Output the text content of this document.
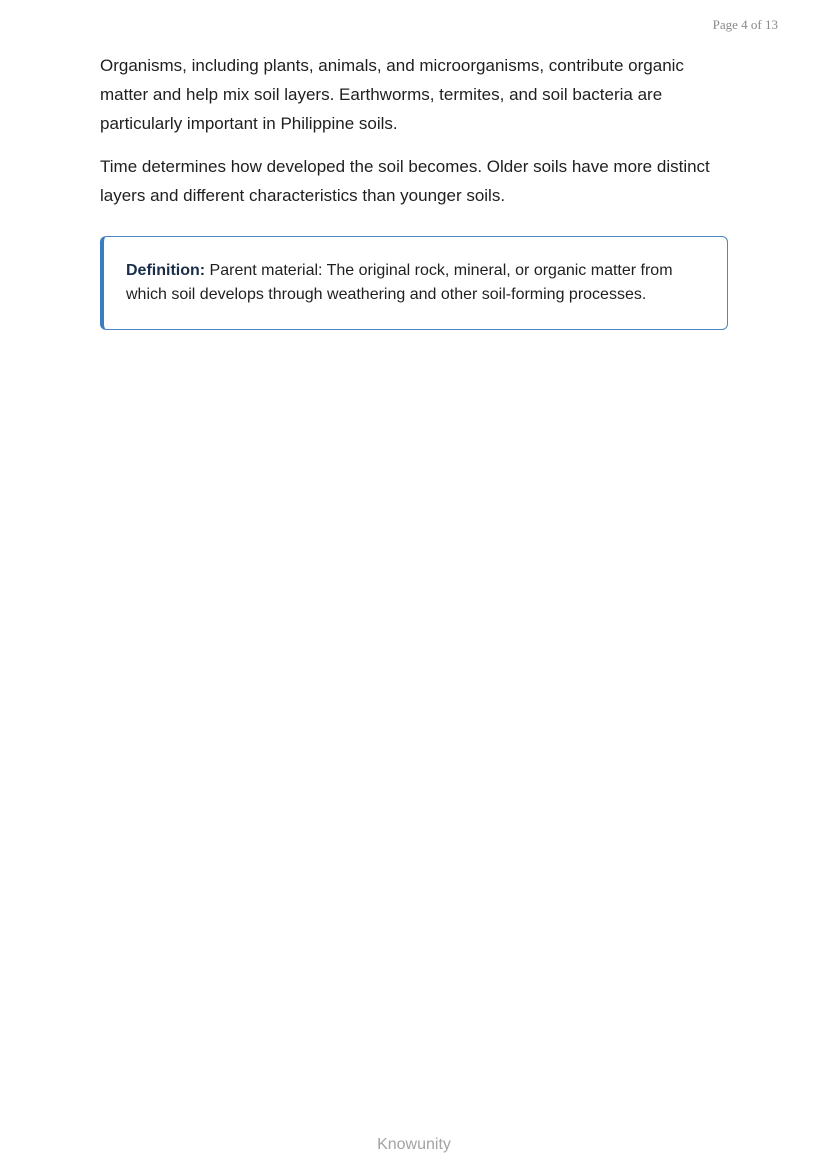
Page 4 of 13

Organisms, including plants, animals, and microorganisms, contribute organic matter and help mix soil layers. Earthworms, termites, and soil bacteria are particularly important in Philippine soils.

Time determines how developed the soil becomes. Older soils have more distinct layers and different characteristics than younger soils.

Definition: Parent material: The original rock, mineral, or organic matter from which soil develops through weathering and other soil-forming processes.

Knowunity
